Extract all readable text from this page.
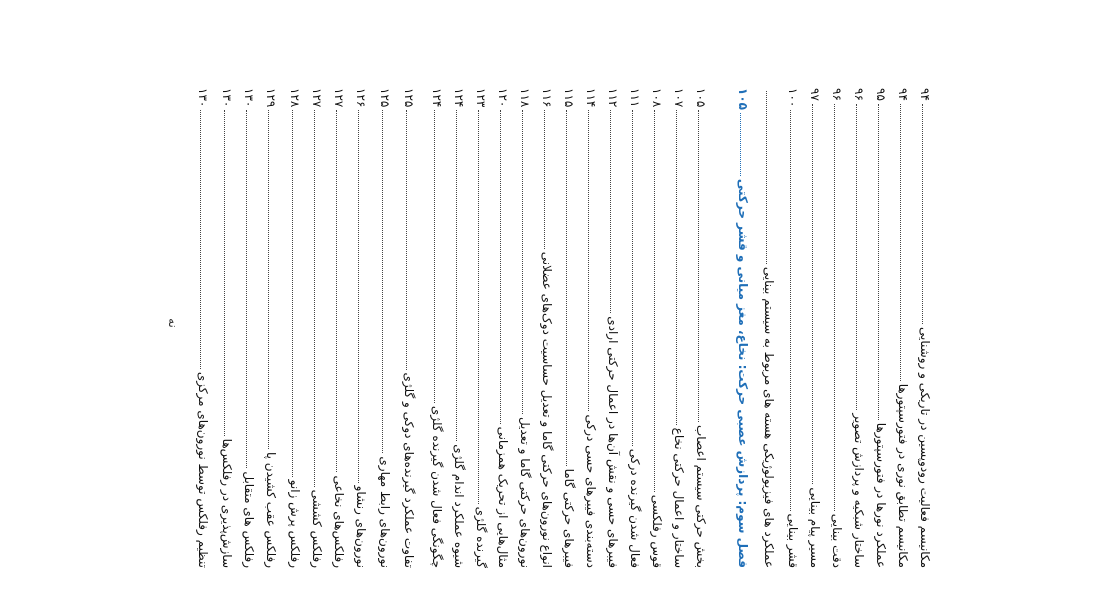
مکانیسم فعالیت رودوپسین در تاریکی و روشنایی
۹۴
مکانیسم تطابق نوری در فتورسپتورها
۹۴
عملکرد نورها در فتورسپتورها
۹۵
ساختار شبکیه و پردازش تصویر
۹۶
دقت بینایی
۹۶
مسیر پیام بینایی
۹۷
قشر بینایی
۱۰۰
عملکرد های فیزیولوژیکی هسته های مربوط به سیستم بینایی
فصل سوم: پردازش عصبی حرکت: نخاع، مغز میانی و قشر حرکتی
۱۰۵
بخش حرکتی سیستم اعصاب
۱۰۵
ساختار و اعمال حرکتی نخاع
۱۰۷
قوس رفلکسی
۱۰۸
فعال شدن گیرنده درکی
۱۱۱
فیبرهای حسی و نقش آن‌ها در اعمال حرکتی ارادی
۱۱۲
دسته‌بندی فیبرهای حسی درکی
۱۱۴
فیبرهای حرکتی گاما
۱۱۵
انواع نورون‌های حرکتی گاما و تعدیل حساسیت دوک‌های عضلانی
۱۱۶
نورون‌های حرکتی گاما و تعدیل
۱۱۸
مثال‌هایی از تحریک همزمانی
۱۲۰
گیرنده گلژی
۱۲۳
شیوه عملکرد اندام گلژی
۱۲۴
چگونگی فعال شدن گیرنده گلژی
۱۲۴
تفاوت عملکرد گیرنده‌های دوکی و گلژی
۱۲۵
نورون‌های رابط مهاری
۱۲۵
نورون‌های رنشاو
۱۲۶
رفلکس‌های نخاعی
۱۲۷
رفلکس کششی
۱۲۷
رفلکس پرش زانو
۱۲۸
رفلکس عقب کشیدن پا
۱۲۹
رفلکس های متقابل
۱۳۰
سازش‌پذیری در رفلکس‌ها
۱۳۰
تنظیم رفلکس توسط نورون‌های مرکزی
۱۳۰
نه
